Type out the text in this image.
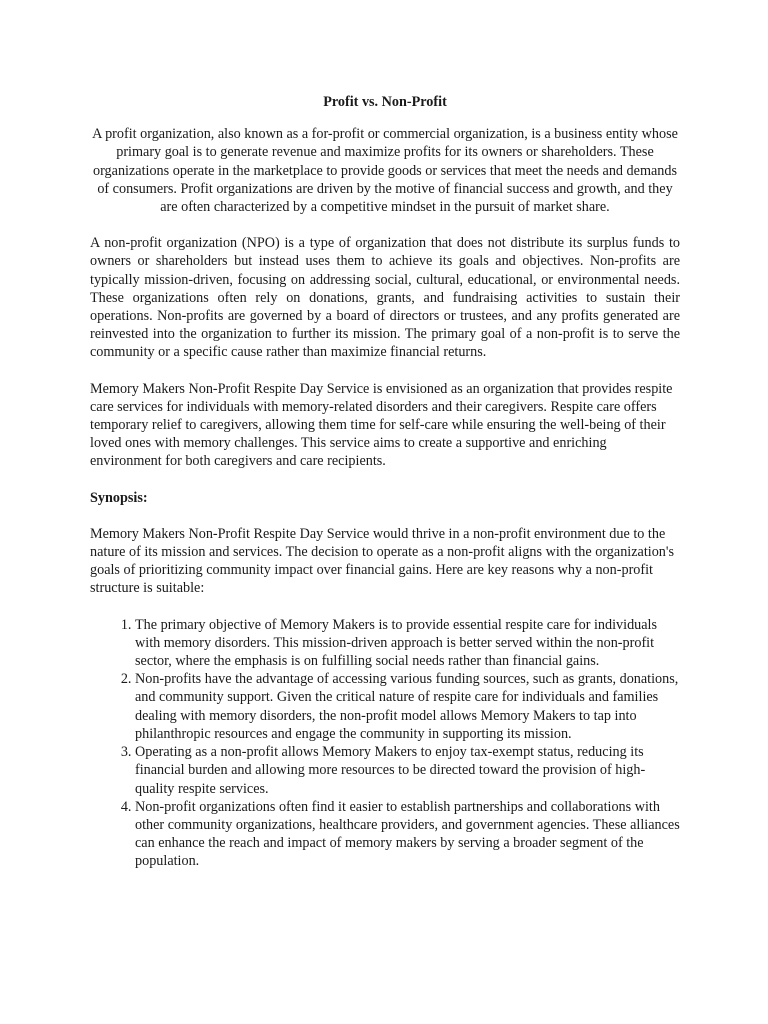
Profit vs. Non-Profit

A profit organization, also known as a for-profit or commercial organization, is a business entity whose primary goal is to generate revenue and maximize profits for its owners or shareholders. These organizations operate in the marketplace to provide goods or services that meet the needs and demands of consumers. Profit organizations are driven by the motive of financial success and growth, and they are often characterized by a competitive mindset in the pursuit of market share.

A non-profit organization (NPO) is a type of organization that does not distribute its surplus funds to owners or shareholders but instead uses them to achieve its goals and objectives. Non-profits are typically mission-driven, focusing on addressing social, cultural, educational, or environmental needs. These organizations often rely on donations, grants, and fundraising activities to sustain their operations. Non-profits are governed by a board of directors or trustees, and any profits generated are reinvested into the organization to further its mission. The primary goal of a non-profit is to serve the community or a specific cause rather than maximize financial returns.

Memory Makers Non-Profit Respite Day Service is envisioned as an organization that provides respite care services for individuals with memory-related disorders and their caregivers. Respite care offers temporary relief to caregivers, allowing them time for self-care while ensuring the well-being of their loved ones with memory challenges. This service aims to create a supportive and enriching environment for both caregivers and care recipients.

Synopsis:

Memory Makers Non-Profit Respite Day Service would thrive in a non-profit environment due to the nature of its mission and services. The decision to operate as a non-profit aligns with the organization's goals of prioritizing community impact over financial gains. Here are key reasons why a non-profit structure is suitable:

1. The primary objective of Memory Makers is to provide essential respite care for individuals with memory disorders. This mission-driven approach is better served within the non-profit sector, where the emphasis is on fulfilling social needs rather than financial gains.
2. Non-profits have the advantage of accessing various funding sources, such as grants, donations, and community support. Given the critical nature of respite care for individuals and families dealing with memory disorders, the non-profit model allows Memory Makers to tap into philanthropic resources and engage the community in supporting its mission.
3. Operating as a non-profit allows Memory Makers to enjoy tax-exempt status, reducing its financial burden and allowing more resources to be directed toward the provision of high-quality respite services.
4. Non-profit organizations often find it easier to establish partnerships and collaborations with other community organizations, healthcare providers, and government agencies. These alliances can enhance the reach and impact of memory makers by serving a broader segment of the population.
